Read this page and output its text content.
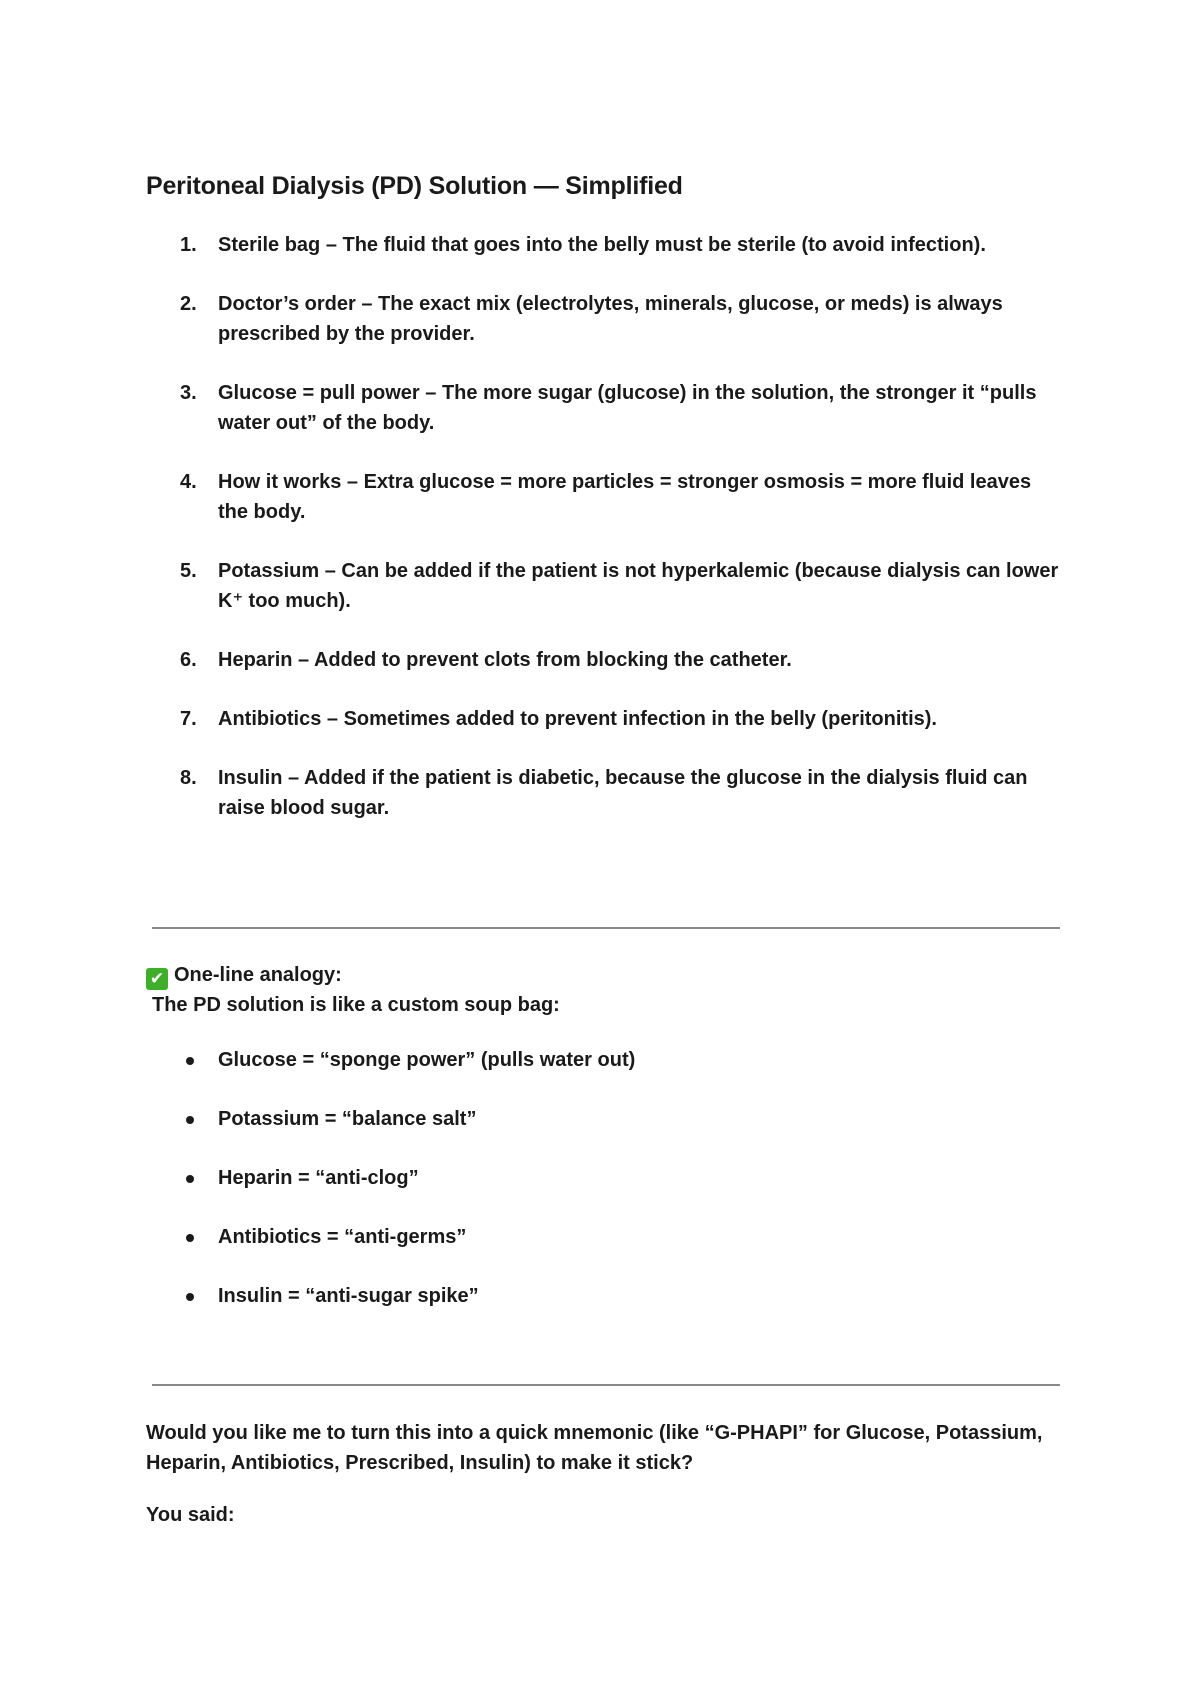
Peritoneal Dialysis (PD) Solution — Simplified
1. Sterile bag – The fluid that goes into the belly must be sterile (to avoid infection).
2. Doctor’s order – The exact mix (electrolytes, minerals, glucose, or meds) is always prescribed by the provider.
3. Glucose = pull power – The more sugar (glucose) in the solution, the stronger it “pulls water out” of the body.
4. How it works – Extra glucose = more particles = stronger osmosis = more fluid leaves the body.
5. Potassium – Can be added if the patient is not hyperkalemic (because dialysis can lower K⁺ too much).
6. Heparin – Added to prevent clots from blocking the catheter.
7. Antibiotics – Sometimes added to prevent infection in the belly (peritonitis).
8. Insulin – Added if the patient is diabetic, because the glucose in the dialysis fluid can raise blood sugar.
✔ One-line analogy:
The PD solution is like a custom soup bag:
Glucose = “sponge power” (pulls water out)
Potassium = “balance salt”
Heparin = “anti-clog”
Antibiotics = “anti-germs”
Insulin = “anti-sugar spike”
Would you like me to turn this into a quick mnemonic (like “G-PHAPI” for Glucose, Potassium, Heparin, Antibiotics, Prescribed, Insulin) to make it stick?
You said:
